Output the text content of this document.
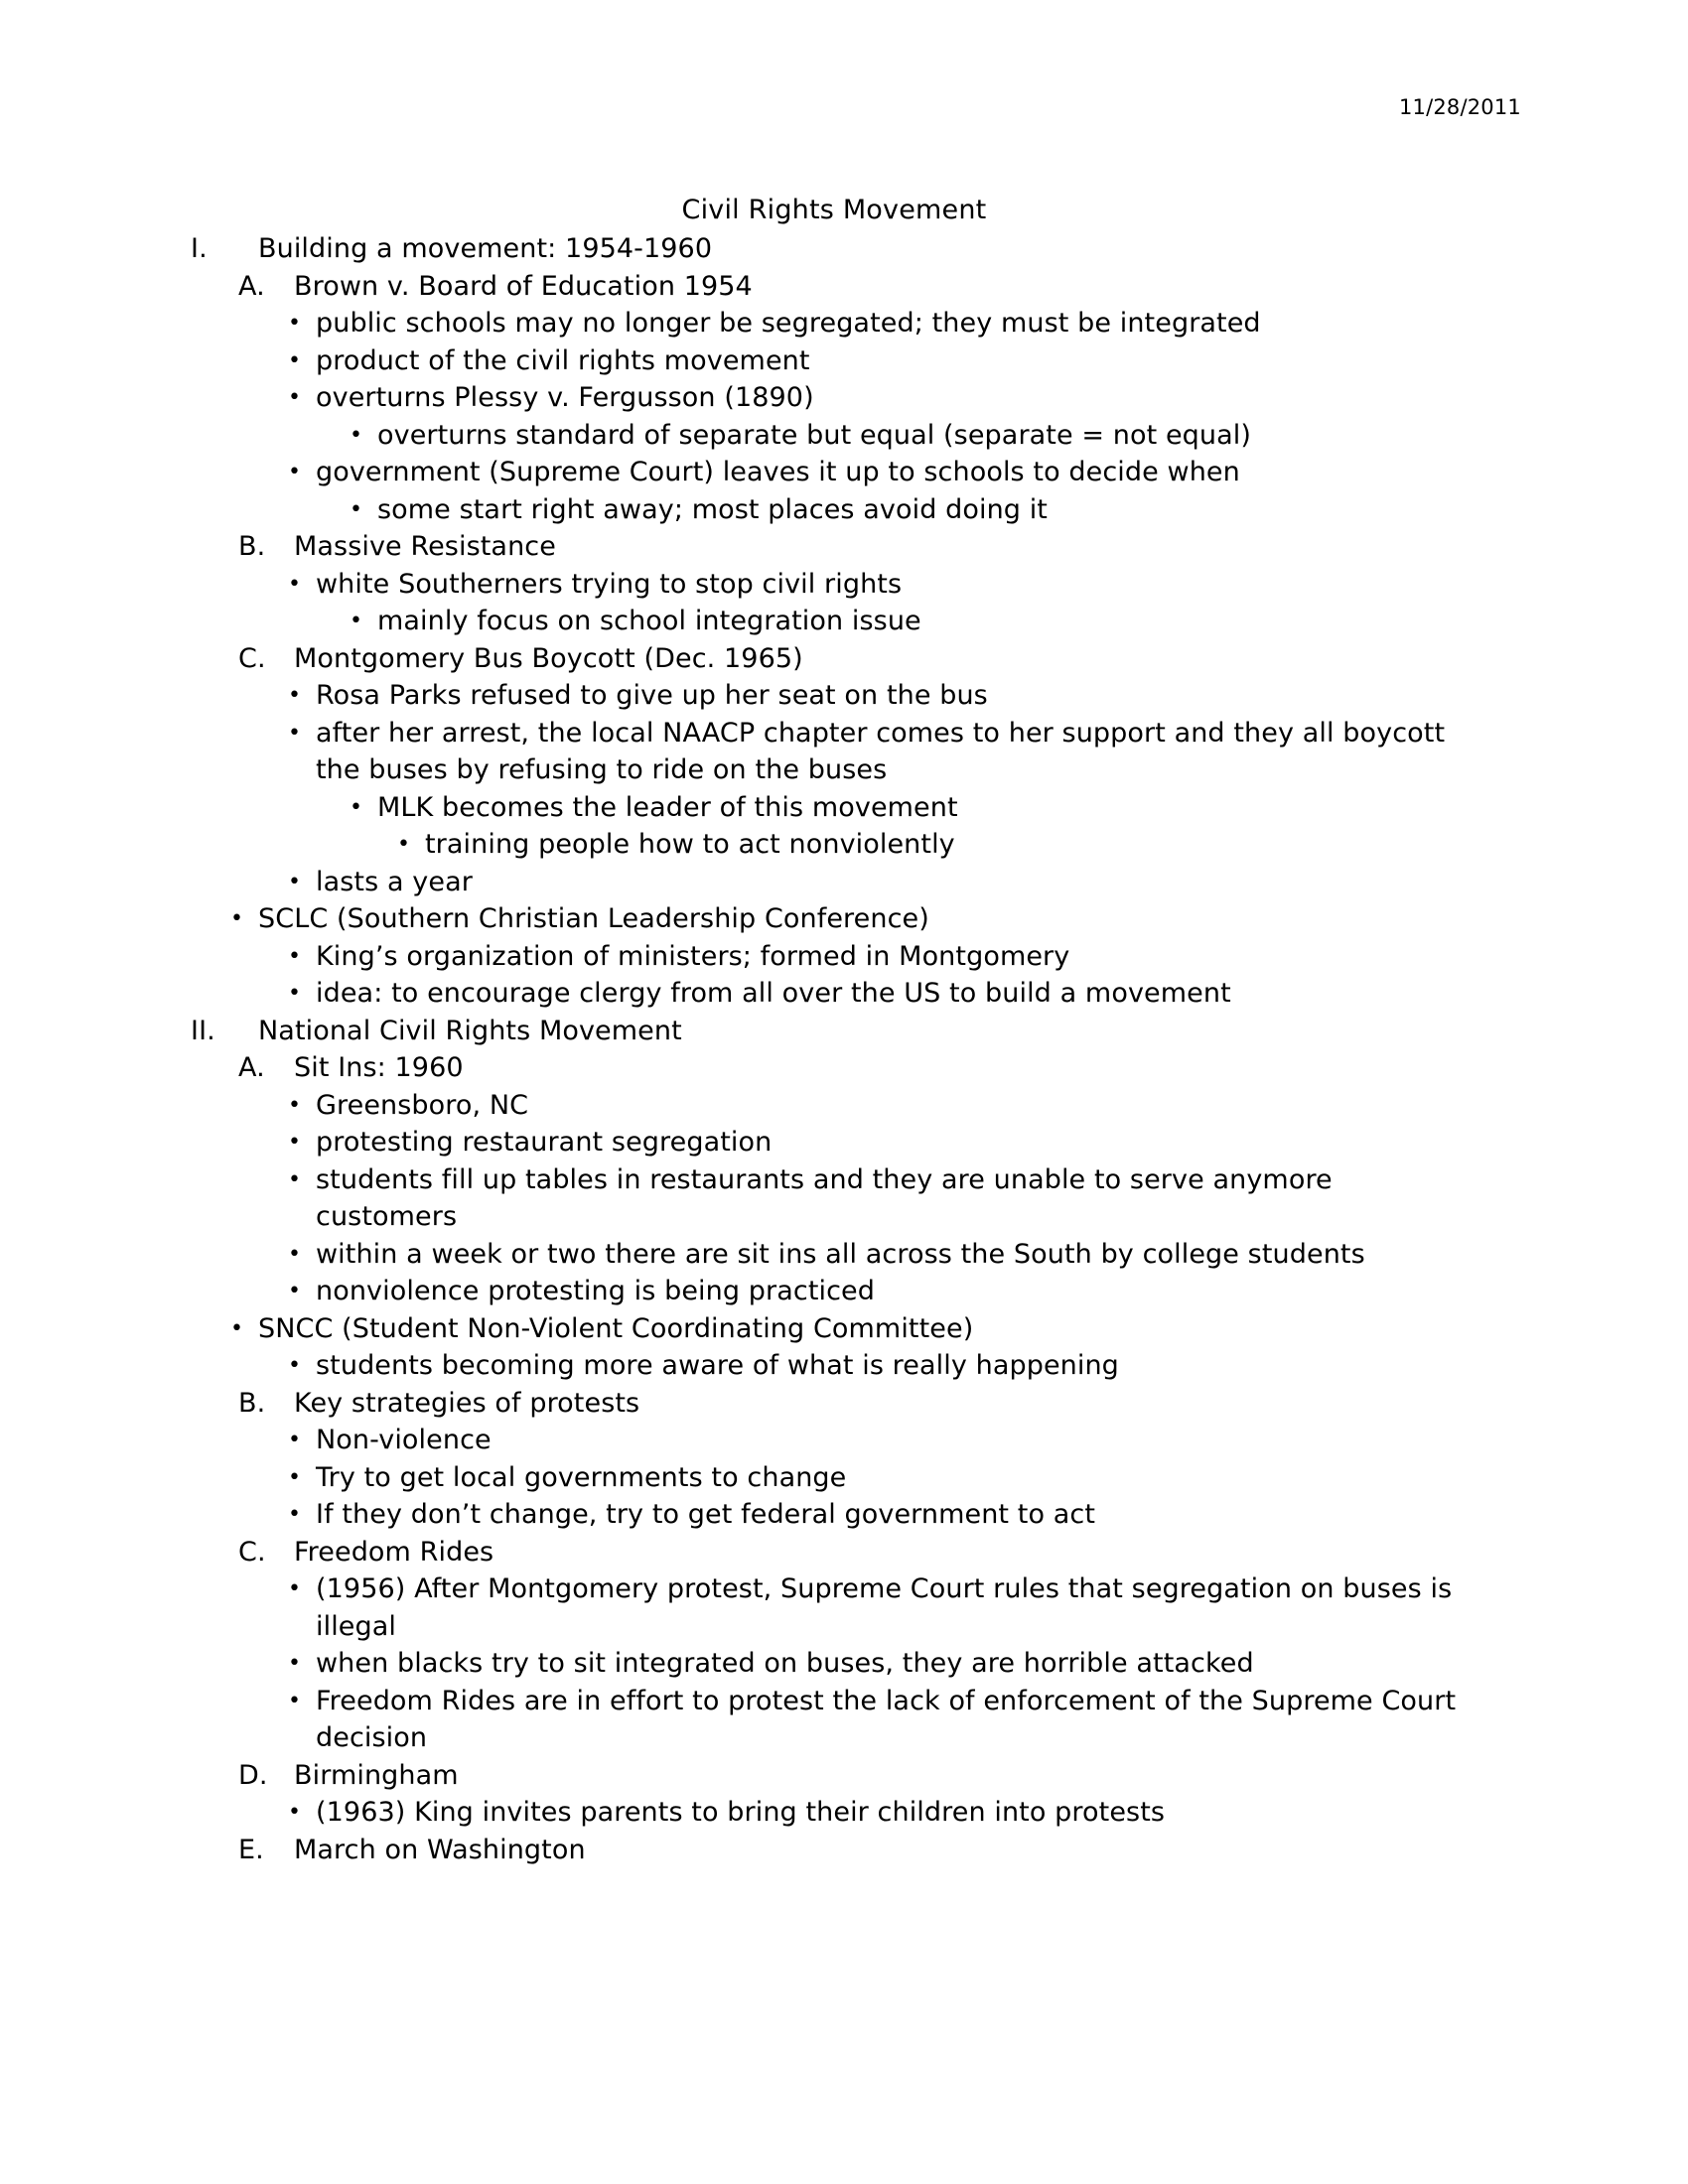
11/28/2011
Civil Rights Movement
I.	Building a movement: 1954-1960
A.	Brown v. Board of Education 1954
• public schools may no longer be segregated; they must be integrated
• product of the civil rights movement
• overturns Plessy v. Fergusson (1890)
• overturns standard of separate but equal (separate = not equal)
• government (Supreme Court) leaves it up to schools to decide when
• some start right away; most places avoid doing it
B.	Massive Resistance
• white Southerners trying to stop civil rights
• mainly focus on school integration issue
C.	Montgomery Bus Boycott (Dec. 1965)
• Rosa Parks refused to give up her seat on the bus
• after her arrest, the local NAACP chapter comes to her support and they all boycott the buses by refusing to ride on the buses
• MLK becomes the leader of this movement
• training people how to act nonviolently
• lasts a year
• SCLC (Southern Christian Leadership Conference)
• King’s organization of ministers; formed in Montgomery
• idea: to encourage clergy from all over the US to build a movement
II.	National Civil Rights Movement
A.	Sit Ins: 1960
• Greensboro, NC
• protesting restaurant segregation
• students fill up tables in restaurants and they are unable to serve anymore customers
• within a week or two there are sit ins all across the South by college students
• nonviolence protesting is being practiced
• SNCC (Student Non-Violent Coordinating Committee)
• students becoming more aware of what is really happening
B.	Key strategies of protests
• Non-violence
• Try to get local governments to change
• If they don’t change, try to get federal government to act
C.	Freedom Rides
• (1956) After Montgomery protest, Supreme Court rules that segregation on buses is illegal
• when blacks try to sit integrated on buses, they are horrible attacked
• Freedom Rides are in effort to protest the lack of enforcement of the Supreme Court decision
D. Birmingham
• (1963) King invites parents to bring their children into protests
E.	March on Washington
